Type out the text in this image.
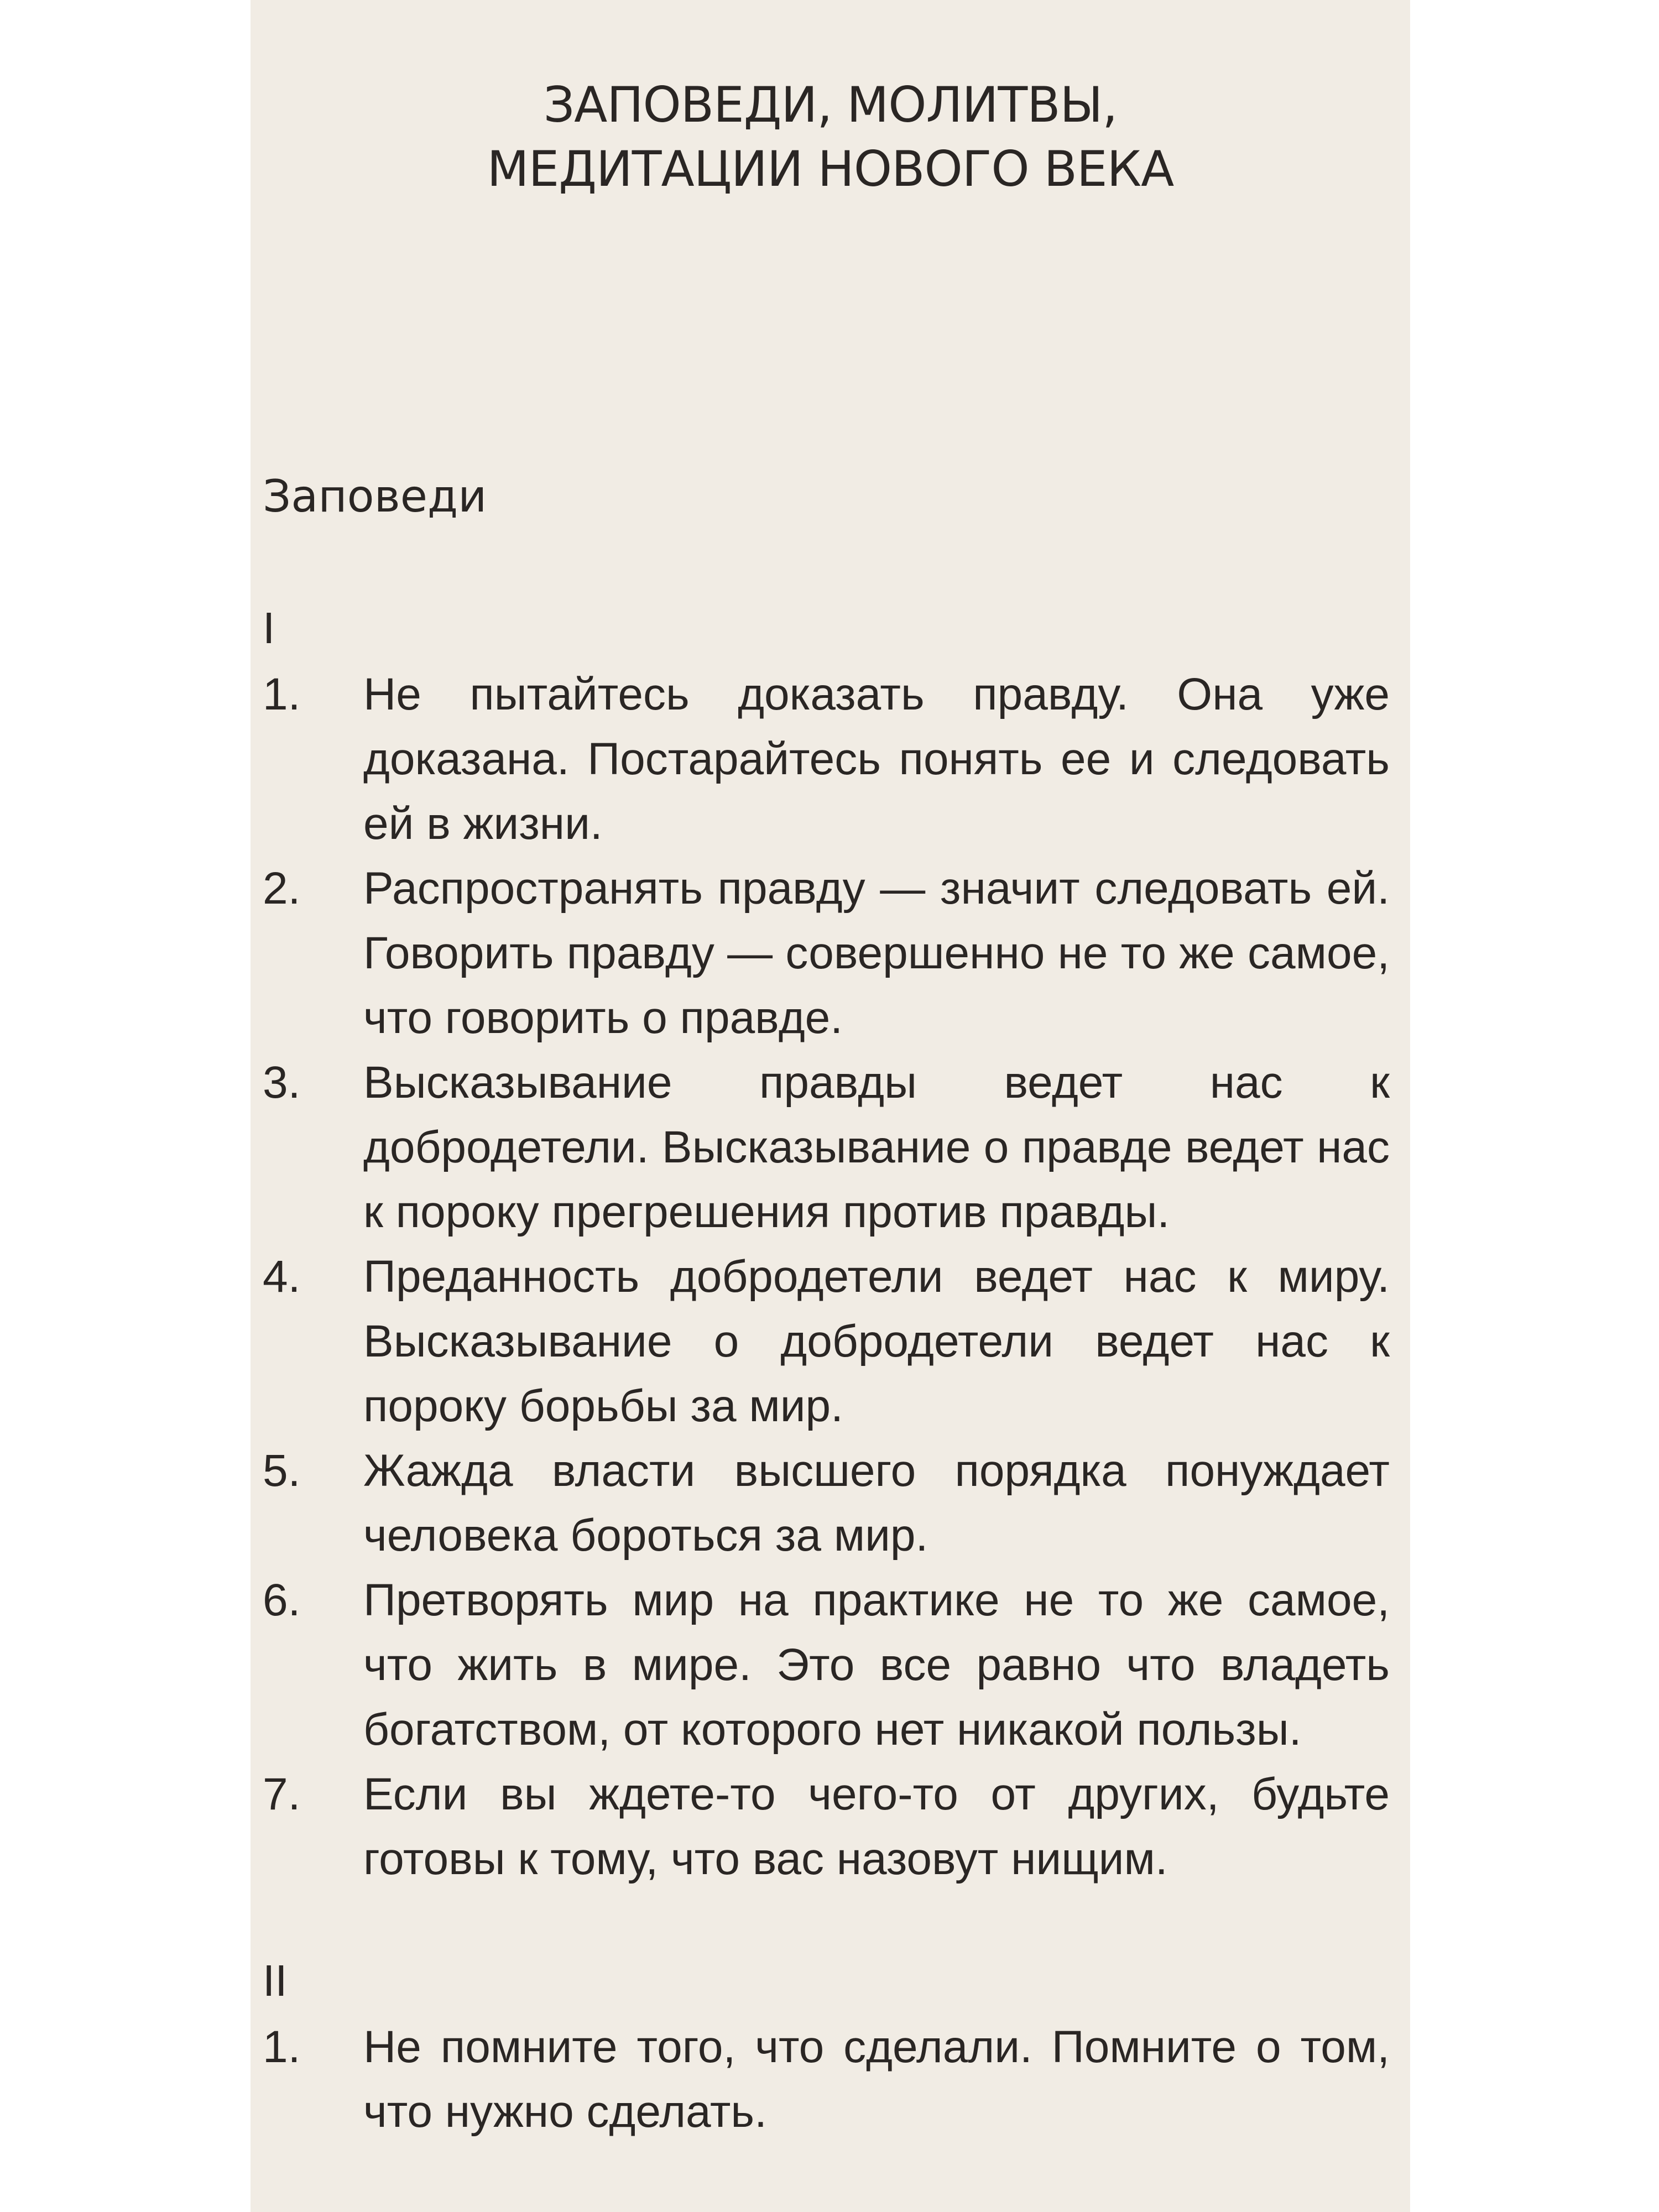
ЗАПОВЕДИ, МОЛИТВЫ,
МЕДИТАЦИИ НОВОГО ВЕКА
Заповеди
I
1.	Не пытайтесь доказать правду. Она уже доказана. Постарайтесь понять ее и следовать ей в жизни.
2.	Распространять правду — значит следовать ей. Говорить правду — совершенно не то же самое, что говорить о правде.
3.	Высказывание правды ведет нас к добродетели. Высказывание о правде ведет нас к пороку прегрешения против правды.
4.	Преданность добродетели ведет нас к миру. Высказывание о добродетели ведет нас к пороку борьбы за мир.
5.	Жажда власти высшего порядка понуждает человека бороться за мир.
6.	Претворять мир на практике не то же самое, что жить в мире. Это все равно что владеть богатством, от которого нет никакой пользы.
7.	Если вы ждете-то чего-то от других, будьте готовы к тому, что вас назовут нищим.
II
1.	Не помните того, что сделали. Помните о том, что нужно сделать.
